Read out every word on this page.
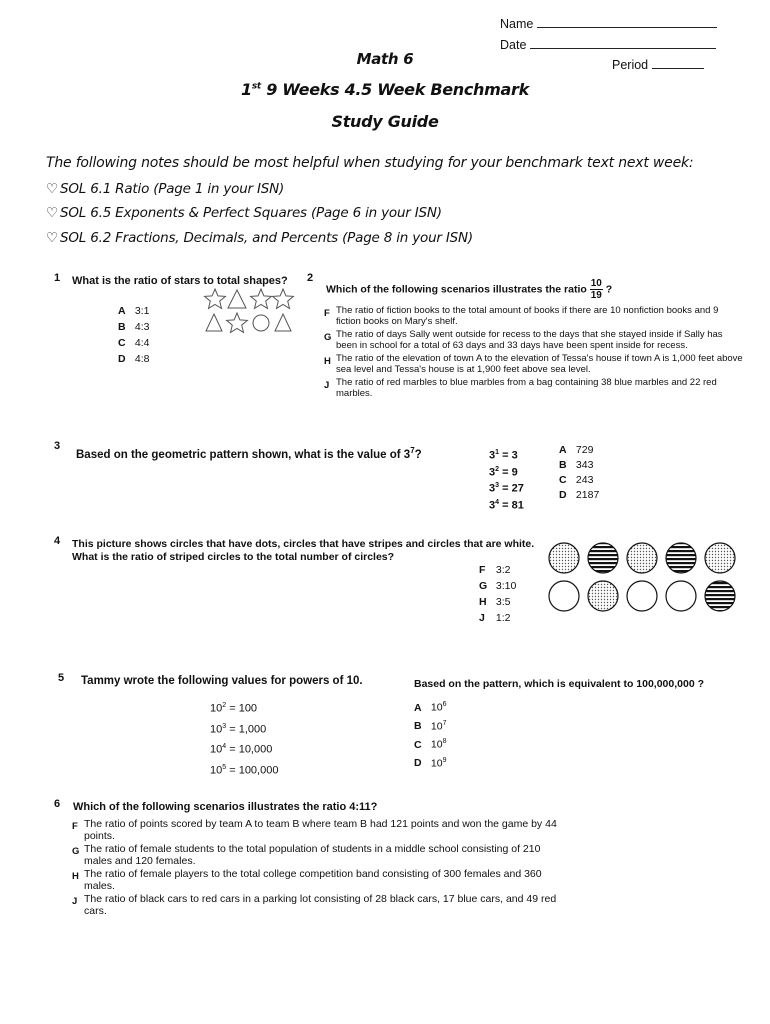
Name
Date
Period
Math 6
1st 9 Weeks 4.5 Week Benchmark
Study Guide
The following notes should be most helpful when studying for your benchmark text next week:
♡ SOL 6.1 Ratio (Page 1 in your ISN)
♡ SOL 6.5 Exponents & Perfect Squares (Page 6 in your ISN)
♡ SOL 6.2 Fractions, Decimals, and Percents (Page 8 in your ISN)
1 What is the ratio of stars to total shapes?
A 3:1
B 4:3
C 4:4
D 4:8
2
Which of the following scenarios illustrates the ratio $\frac{10}{19}$ ?
F The ratio of fiction books to the total amount of books if there are 10 nonfiction books and 9 fiction books on Mary's shelf.
G The ratio of days Sally went outside for recess to the days that she stayed inside if Sally has been in school for a total of 63 days and 33 days have been spent inside for recess.
H The ratio of the elevation of town A to the elevation of Tessa's house if town A is 1,000 feet above sea level and Tessa's house is at 1,900 feet above sea level.
J The ratio of red marbles to blue marbles from a bag containing 38 blue marbles and 22 red marbles.
3
Based on the geometric pattern shown, what is the value of $3^7$?	$3^1 = 3$
$3^2 = 9$
$3^3 = 27$
$3^4 = 81$
A 729
B 343
C 243
D 2187
4 This picture shows circles that have dots, circles that have stripes and circles that are white. What is the ratio of striped circles to the total number of circles?
F 3:2
G 3:10
H 3:5
J 1:2
5 Tammy wrote the following values for powers of 10.	Based on the pattern, which is equivalent to 100,000,000 ?
$10^2 = 100$
$10^3 = 1,000$
$10^4 = 10,000$
$10^5 = 100,000$
A $10^6$
B $10^7$
C $10^8$
D $10^9$
6 Which of the following scenarios illustrates the ratio 4:11?
F The ratio of points scored by team A to team B where team B had 121 points and won the game by 44 points.
G The ratio of female students to the total population of students in a middle school consisting of 210 males and 120 females.
H The ratio of female players to the total college competition band consisting of 300 females and 360 males.
J The ratio of black cars to red cars in a parking lot consisting of 28 black cars, 17 blue cars, and 49 red cars.
